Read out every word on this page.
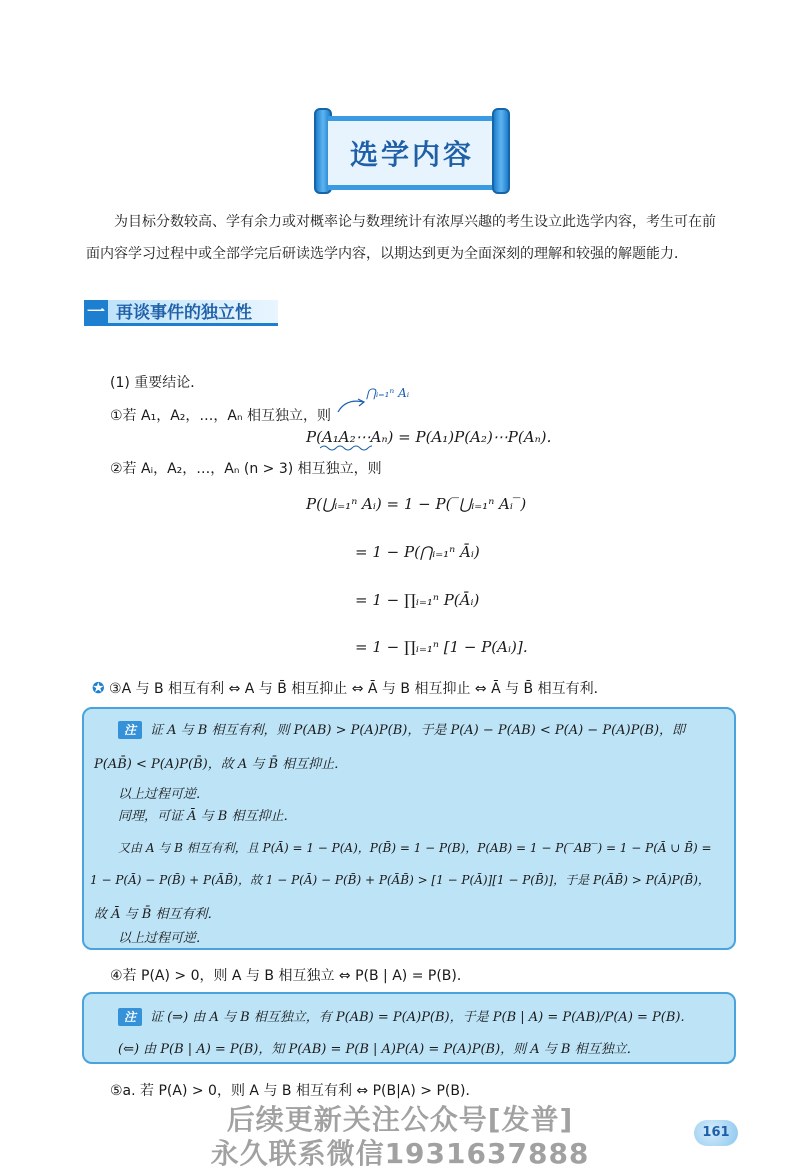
选学内容
为目标分数较高、学有余力或对概率论与数理统计有浓厚兴趣的考生设立此选学内容，考生可在前面内容学习过程中或全部学完后研读选学内容，以期达到更为全面深刻的理解和较强的解题能力．
一 再谈事件的独立性
(1) 重要结论．
①若 A₁，A₂，…，Aₙ 相互独立，则
⋂ᵢ₌₁ⁿ Aᵢ
P(A₁A₂⋯Aₙ) = P(A₁)P(A₂)⋯P(Aₙ)．
②若 Aᵢ，A₂，…，Aₙ (n > 3) 相互独立，则
P(⋃ᵢ₌₁ⁿ Aᵢ) = 1 − P(‾⋃ᵢ₌₁ⁿ Aᵢ‾)
= 1 − P(⋂ᵢ₌₁ⁿ Āᵢ)
= 1 − ∏ᵢ₌₁ⁿ P(Āᵢ)
= 1 − ∏ᵢ₌₁ⁿ [1 − P(Aᵢ)]．
✪ ③A 与 B 相互有利 ⇔ A 与 B̄ 相互抑止 ⇔ Ā 与 B 相互抑止 ⇔ Ā 与 B̄ 相互有利．
注 证 A 与 B 相互有利，则 P(AB) > P(A)P(B)，于是 P(A) − P(AB) < P(A) − P(A)P(B)，即
P(AB̄) < P(A)P(B̄)，故 A 与 B̄ 相互抑止．
以上过程可逆．
同理，可证 Ā 与 B 相互抑止．
又由 A 与 B 相互有利，且 P(Ā) = 1 − P(A)，P(B̄) = 1 − P(B)，P(AB) = 1 − P(‾AB‾) = 1 − P(Ā ∪ B̄) =
1 − P(Ā) − P(B̄) + P(ĀB̄)，故 1 − P(Ā) − P(B̄) + P(ĀB̄) > [1 − P(Ā)][1 − P(B̄)]，于是 P(ĀB̄) > P(Ā)P(B̄)，
故 Ā 与 B̄ 相互有利．
以上过程可逆．
④若 P(A) > 0，则 A 与 B 相互独立 ⇔ P(B | A) = P(B)．
注 证 (⇒) 由 A 与 B 相互独立，有 P(AB) = P(A)P(B)，于是 P(B | A) = P(AB)/P(A) = P(B).
(⇐) 由 P(B | A) = P(B)，知 P(AB) = P(B | A)P(A) = P(A)P(B)，则 A 与 B 相互独立．
⑤a. 若 P(A) > 0，则 A 与 B 相互有利 ⇔ P(B|A) > P(B)．
161
后续更新关注公众号[发普]
永久联系微信1931637888
